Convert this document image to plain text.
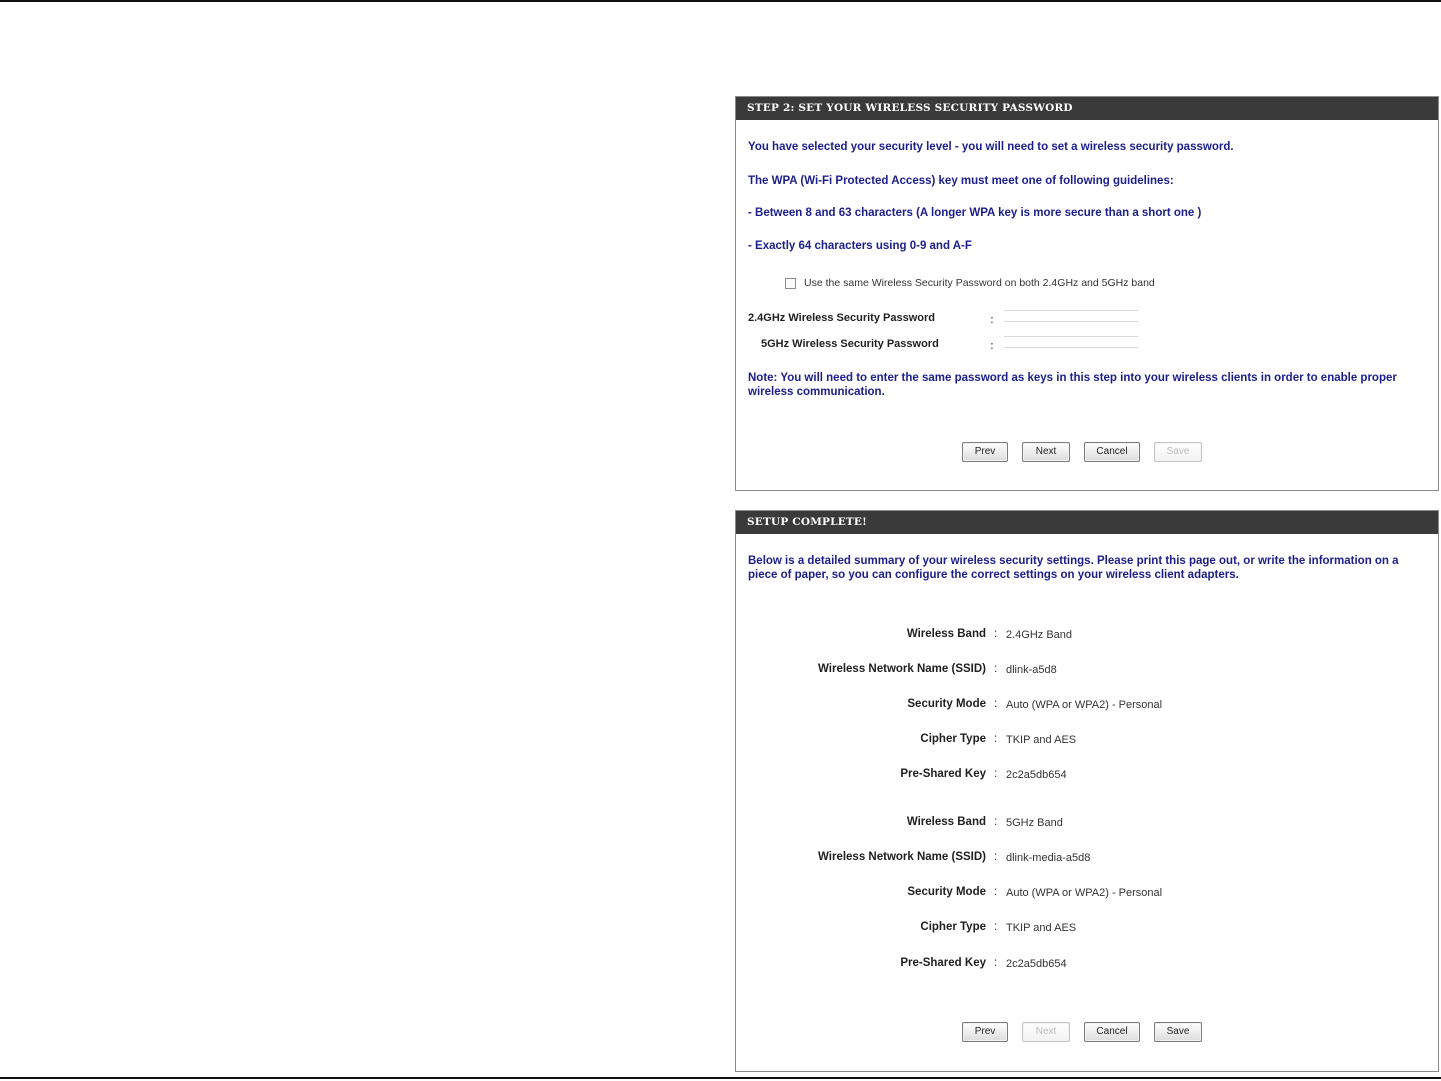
STEP 2: SET YOUR WIRELESS SECURITY PASSWORD
You have selected your security level - you will need to set a wireless security password.
The WPA (Wi-Fi Protected Access) key must meet one of following guidelines:
- Between 8 and 63 characters (A longer WPA key is more secure than a short one )
- Exactly 64 characters using 0-9 and A-F
Use the same Wireless Security Password on both 2.4GHz and 5GHz band
2.4GHz Wireless Security Password	:
5GHz Wireless Security Password	:
Note: You will need to enter the same password as keys in this step into your wireless clients in order to enable proper wireless communication.
Prev	Next	Cancel	Save
SETUP COMPLETE!
Below is a detailed summary of your wireless security settings. Please print this page out, or write the information on a piece of paper, so you can configure the correct settings on your wireless client adapters.
Wireless Band : 2.4GHz Band
Wireless Network Name (SSID) : dlink-a5d8
Security Mode : Auto (WPA or WPA2) - Personal
Cipher Type : TKIP and AES
Pre-Shared Key : 2c2a5db654
Wireless Band : 5GHz Band
Wireless Network Name (SSID) : dlink-media-a5d8
Security Mode : Auto (WPA or WPA2) - Personal
Cipher Type : TKIP and AES
Pre-Shared Key : 2c2a5db654
Prev	Next	Cancel	Save
